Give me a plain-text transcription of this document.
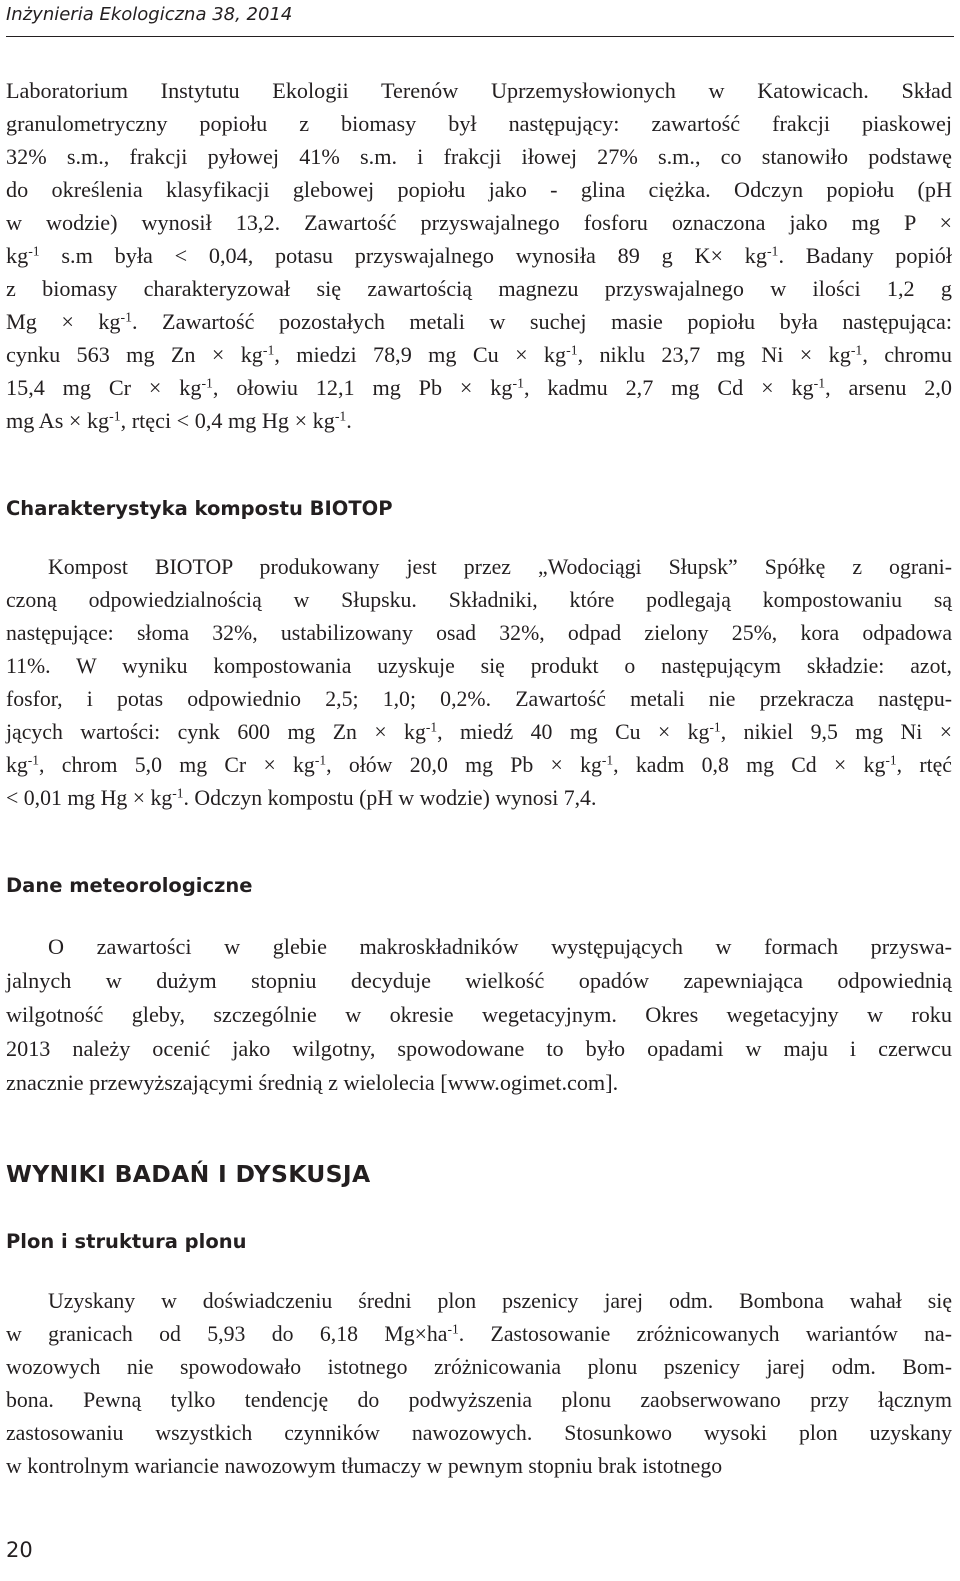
Inżynieria Ekologiczna 38, 2014
Laboratorium Instytutu Ekologii Terenów Uprzemysłowionych w Katowicach. Skład
granulometryczny popiołu z biomasy był następujący: zawartość frakcji piaskowej
32% s.m., frakcji pyłowej 41% s.m. i frakcji iłowej 27% s.m., co stanowiło podstawę
do określenia klasyfikacji glebowej popiołu jako - glina ciężka. Odczyn popiołu (pH
w wodzie) wynosił 13,2. Zawartość przyswajalnego fosforu oznaczona jako mg P ×
$kg^{-1}$ s.m była < 0,04, potasu przyswajalnego wynosiła 89 g $K\times kg^{-1}$. Badany popiół
z biomasy charakteryzował się zawartością magnezu przyswajalnego w ilości 1,2 g
$Mg \times kg^{-1}$. Zawartość pozostałych metali w suchej masie popiołu była następująca:
cynku 563 mg $Zn \times kg^{-1}$, miedzi 78,9 mg $Cu \times kg^{-1}$, niklu 23,7 mg $Ni \times kg^{-1}$, chromu
15,4 mg $Cr \times kg^{-1}$, ołowiu 12,1 mg $Pb \times kg^{-1}$, kadmu 2,7 mg $Cd \times kg^{-1}$, arsenu 2,0
mg $As \times kg^{-1}$, rtęci < 0,4 mg $Hg \times kg^{-1}$.
Charakterystyka kompostu BIOTOP
Kompost BIOTOP produkowany jest przez „Wodociągi Słupsk” Spółkę z ograni-
czoną odpowiedzialnością w Słupsku. Składniki, które podlegają kompostowaniu są
następujące: słoma 32%, ustabilizowany osad 32%, odpad zielony 25%, kora odpadowa
11%. W wyniku kompostowania uzyskuje się produkt o następującym składzie: azot,
fosfor, i potas odpowiednio 2,5; 1,0; 0,2%. Zawartość metali nie przekracza następu-
jących wartości: cynk 600 mg $Zn \times kg^{-1}$, miedź 40 mg $Cu \times kg^{-1}$, nikiel 9,5 mg Ni ×
$kg^{-1}$, chrom 5,0 mg $Cr \times kg^{-1}$, ołów 20,0 mg $Pb \times kg^{-1}$, kadm 0,8 mg $Cd \times kg^{-1}$, rtęć
< 0,01 mg $Hg \times kg^{-1}$. Odczyn kompostu (pH w wodzie) wynosi 7,4.
Dane meteorologiczne
O zawartości w glebie makroskładników występujących w formach przyswa-
jalnych w dużym stopniu decyduje wielkość opadów zapewniająca odpowiednią
wilgotność gleby, szczególnie w okresie wegetacyjnym. Okres wegetacyjny w roku
2013 należy ocenić jako wilgotny, spowodowane to było opadami w maju i czerwcu
znacznie przewyższającymi średnią z wielolecia [www.ogimet.com].
WYNIKI BADAŃ I DYSKUSJA
Plon i struktura plonu
Uzyskany w doświadczeniu średni plon pszenicy jarej odm. Bombona wahał się
w granicach od 5,93 do 6,18 $Mg\times ha^{-1}$. Zastosowanie zróżnicowanych wariantów na-
wozowych nie spowodowało istotnego zróżnicowania plonu pszenicy jarej odm. Bom-
bona. Pewną tylko tendencję do podwyższenia plonu zaobserwowano przy łącznym
zastosowaniu wszystkich czynników nawozowych. Stosunkowo wysoki plon uzyskany
w kontrolnym wariancie nawozowym tłumaczy w pewnym stopniu brak istotnego
20
